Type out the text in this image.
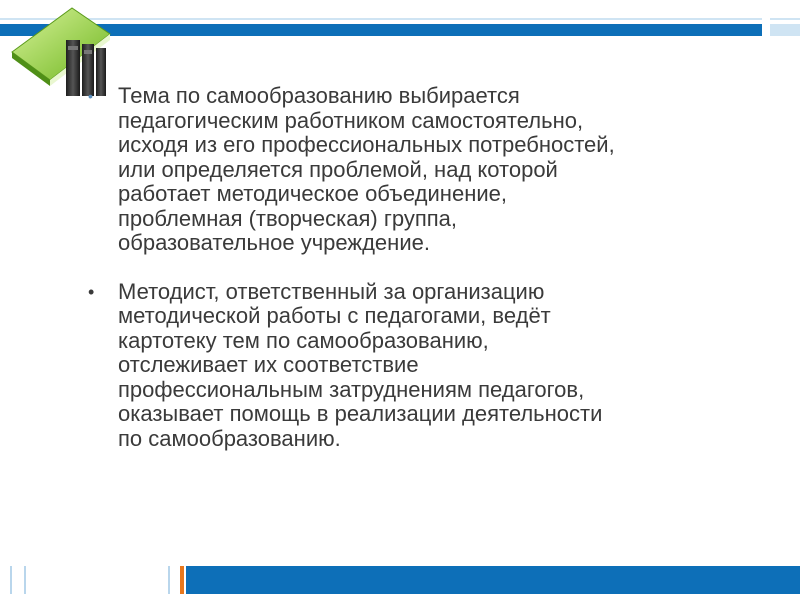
•	Тема по самообразованию выбирается
педагогическим работником самостоятельно,
исходя из его профессиональных потребностей,
или определяется проблемой, над которой
работает методическое объединение,
проблемная (творческая) группа,
образовательное учреждение.
•	Методист, ответственный за организацию
методической работы с педагогами, ведёт
картотеку тем по самообразованию,
отслеживает их соответствие
профессиональным затруднениям педагогов,
оказывает помощь в реализации деятельности
по самообразованию.
